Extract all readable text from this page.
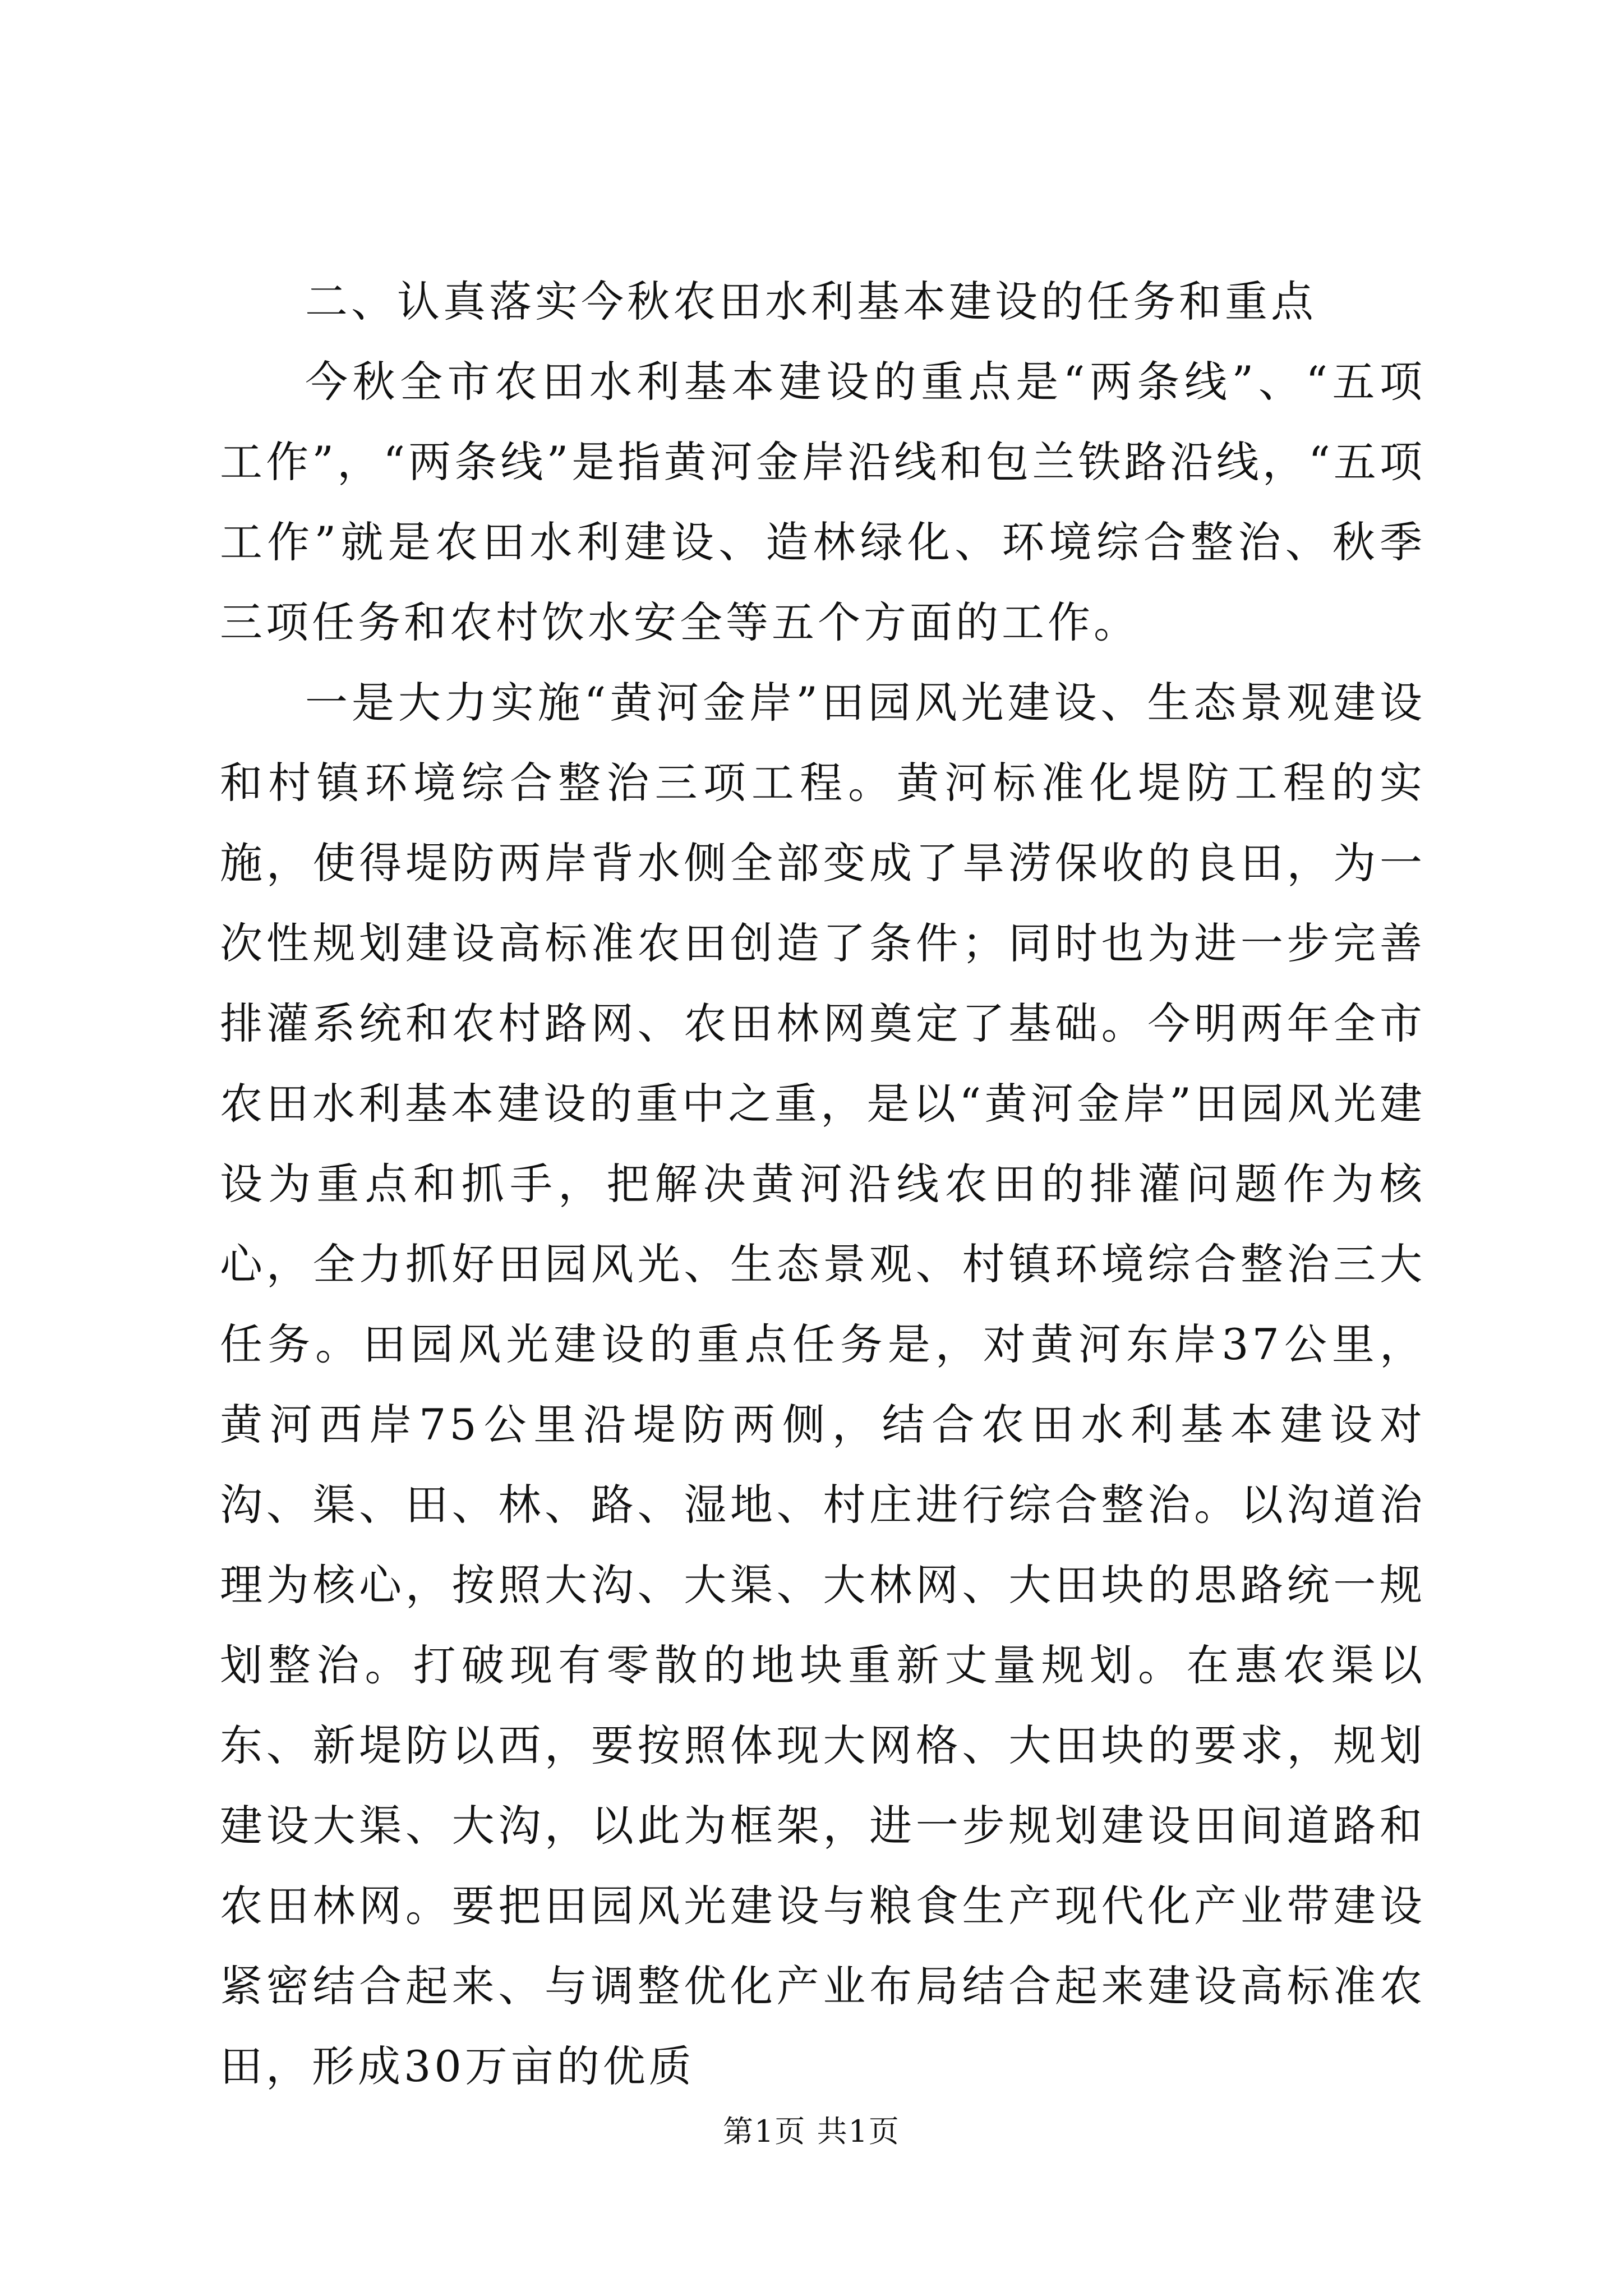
二、认真落实今秋农田水利基本建设的任务和重点

今秋全市农田水利基本建设的重点是“两条线”、“五项工作”，“两条线”是指黄河金岸沿线和包兰铁路沿线，“五项工作”就是农田水利建设、造林绿化、环境综合整治、秋季三项任务和农村饮水安全等五个方面的工作。

一是大力实施“黄河金岸”田园风光建设、生态景观建设和村镇环境综合整治三项工程。黄河标准化堤防工程的实施，使得堤防两岸背水侧全部变成了旱涝保收的良田，为一次性规划建设高标准农田创造了条件；同时也为进一步完善排灌系统和农村路网、农田林网奠定了基础。今明两年全市农田水利基本建设的重中之重，是以“黄河金岸”田园风光建设为重点和抓手，把解决黄河沿线农田的排灌问题作为核心，全力抓好田园风光、生态景观、村镇环境综合整治三大任务。田园风光建设的重点任务是，对黄河东岸37公里，黄河西岸75公里沿堤防两侧，结合农田水利基本建设对沟、渠、田、林、路、湿地、村庄进行综合整治。以沟道治理为核心，按照大沟、大渠、大林网、大田块的思路统一规划整治。打破现有零散的地块重新丈量规划。在惠农渠以东、新堤防以西，要按照体现大网格、大田块的要求，规划建设大渠、大沟，以此为框架，进一步规划建设田间道路和农田林网。要把田园风光建设与粮食生产现代化产业带建设紧密结合起来、与调整优化产业布局结合起来建设高标准农田，形成30万亩的优质

第1页 共1页
